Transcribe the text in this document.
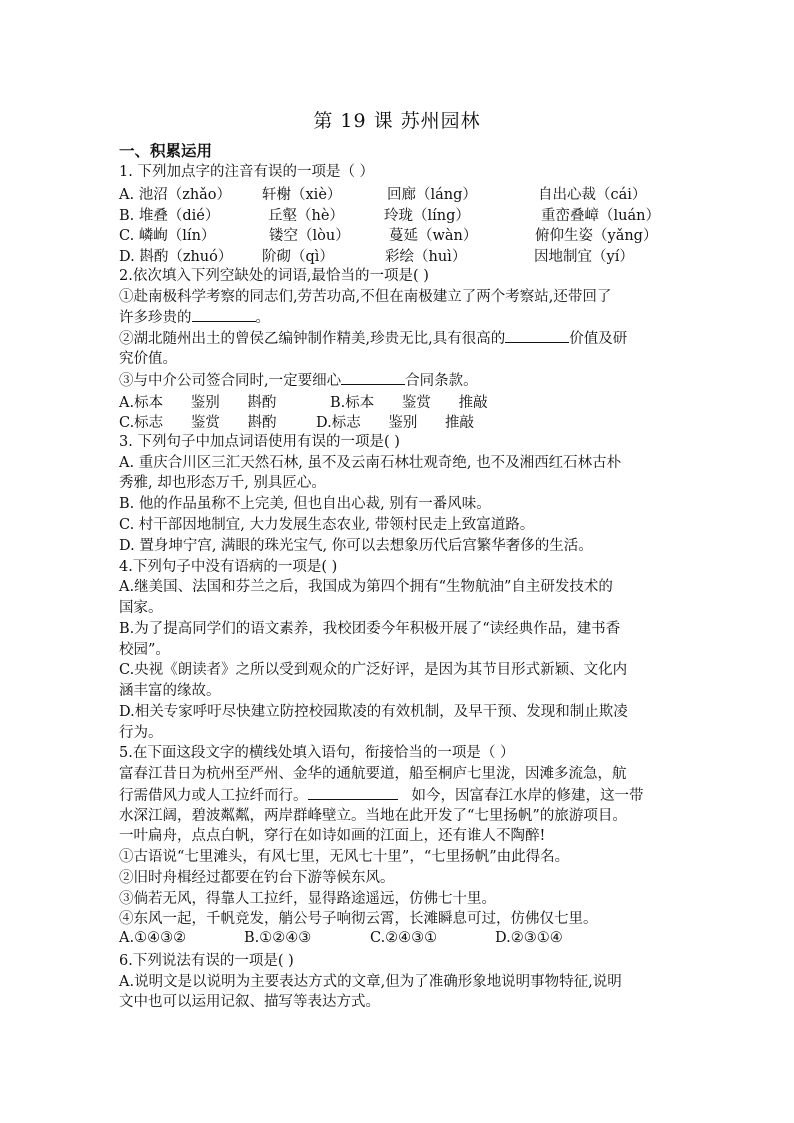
第 19 课 苏州园林
一、积累运用
1. 下列加点字的注音有误的一项是（ ）
A. 池沼（zhǎo） 轩榭（xiè）	回廊（láng）	自出心裁（cái）
B. 堆叠（dié）	丘壑（hè）	玲珑（líng）	重峦叠嶂（luán）
C. 嶙峋（lín）	镂空（lòu）	蔓延（wàn）	俯仰生姿（yǎng）
D. 斟酌（zhuó） 阶砌（qì）	彩绘（huì）	因地制宜（yí）
2.依次填入下列空缺处的词语,最恰当的一项是( )
①赴南极科学考察的同志们,劳苦功高,不但在南极建立了两个考察站,还带回了
许多珍贵的	。
②湖北随州出土的曾侯乙编钟制作精美,珍贵无比,具有很高的	价值及研
究价值。
③与中介公司签合同时,一定要细心	合同条款。
A.标本      鉴别      斟酌	B.标本      鉴赏      推敲
C.标志      鉴赏      斟酌	D.标志      鉴别      推敲
3. 下列句子中加点词语使用有误的一项是( )
A. 重庆合川区三汇天然石林, 虽不及云南石林壮观奇绝, 也不及湘西红石林古朴
秀雅, 却也形态万千, 别具匠心。
B. 他的作品虽称不上完美, 但也自出心裁, 别有一番风味。
C. 村干部因地制宜, 大力发展生态农业, 带领村民走上致富道路。
D. 置身坤宁宫, 满眼的珠光宝气, 你可以去想象历代后宫繁华奢侈的生活。
4.下列句子中没有语病的一项是( )
A.继美国、法国和芬兰之后，我国成为第四个拥有“生物航油”自主研发技术的
国家。
B.为了提高同学们的语文素养，我校团委今年积极开展了“读经典作品，建书香
校园”。
C.央视《朗读者》之所以受到观众的广泛好评，是因为其节目形式新颖、文化内
涵丰富的缘故。
D.相关专家呼吁尽快建立防控校园欺凌的有效机制，及早干预、发现和制止欺凌
行为。
5.在下面这段文字的横线处填入语句，衔接恰当的一项是（ ）
富春江昔日为杭州至严州、金华的通航要道，船至桐庐七里泷，因滩多流急，航
行需借风力或人工拉纤而行。	如今，因富春江水岸的修建，这一带
水深江阔，碧波粼粼，两岸群峰壁立。当地在此开发了“七里扬帆”的旅游项目。
一叶扁舟，点点白帆，穿行在如诗如画的江面上，还有谁人不陶醉!
①古语说“七里滩头，有风七里，无风七十里”，“七里扬帆”由此得名。
②旧时舟楫经过都要在钓台下游等候东风。
③倘若无风，得靠人工拉纤，显得路途遥远，仿佛七十里。
④东风一起，千帆竞发，艄公号子响彻云霄，长滩瞬息可过，仿佛仅七里。
A.①④③②	B.①②④③	C.②④③①	D.②③①④
6.下列说法有误的一项是( )
A.说明文是以说明为主要表达方式的文章,但为了准确形象地说明事物特征,说明
文中也可以运用记叙、描写等表达方式。
